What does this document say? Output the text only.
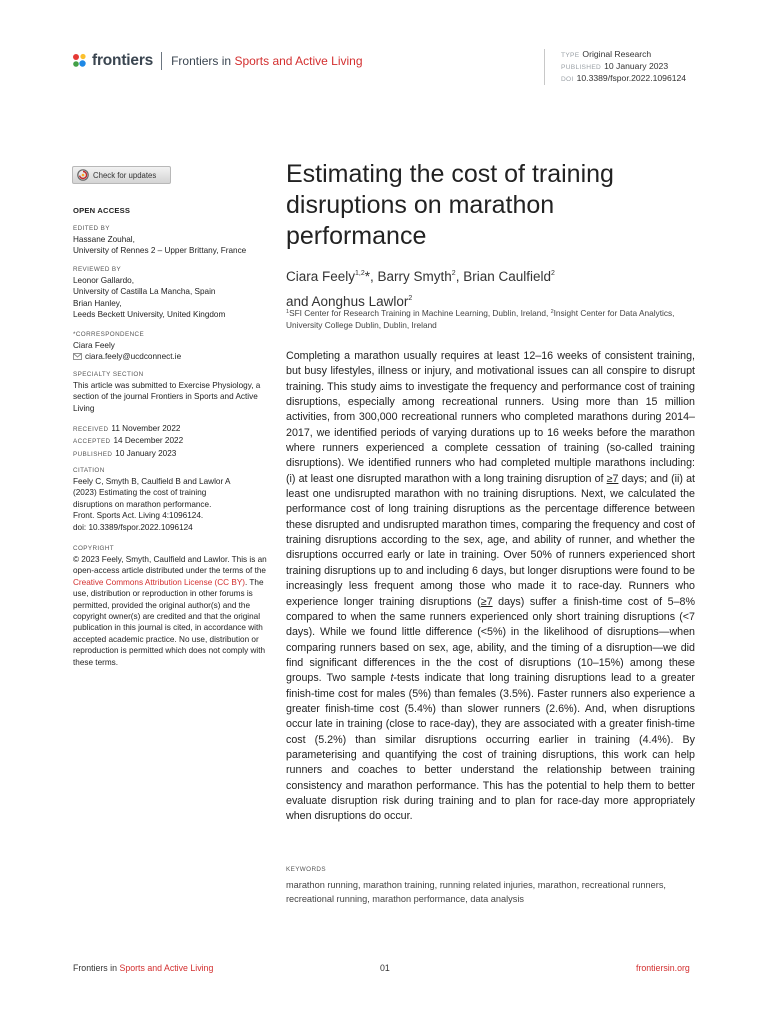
frontiers Frontiers in Sports and Active Living	TYPE Original Research
PUBLISHED 10 January 2023
DOI 10.3389/fspor.2022.1096124
Check for updates
OPEN ACCESS
EDITED BY

Hassane Zouhal,

University of Rennes 2 – Upper Brittany, France

REVIEWED BY

Leonor Gallardo,

University of Castilla La Mancha, Spain

Brian Hanley,

Leeds Beckett University, United Kingdom

*CORRESPONDENCE

Ciara Feely

ciara.feely@ucdconnect.ie

SPECIALTY SECTION

This article was submitted to Exercise Physiology, a section of the journal Frontiers in Sports and Active Living

RECEIVED 11 November 2022

ACCEPTED 14 December 2022

PUBLISHED 10 January 2023

CITATION

Feely C, Smyth B, Caulfield B and Lawlor A

(2023) Estimating the cost of training

disruptions on marathon performance.

Front. Sports Act. Living 4:1096124.

doi: 10.3389/fspor.2022.1096124

COPYRIGHT

© 2023 Feely, Smyth, Caulfield and Lawlor. This is an open-access article distributed under the terms of the Creative Commons Attribution License (CC BY). The use, distribution or reproduction in other forums is permitted, provided the original author(s) and the copyright owner(s) are credited and that the original publication in this journal is cited, in accordance with accepted academic practice. No use, distribution or reproduction is permitted which does not comply with these terms.

Estimating the cost of training disruptions on marathon performance
Ciara Feely$^{1,2}$*, Barry Smyth$^2$, Brian Caulfield$^2$
and Aonghus Lawlor$^2$
$^1$SFI Center for Research Training in Machine Learning, Dublin, Ireland, $^2$Insight Center for Data Analytics, University College Dublin, Dublin, Ireland

Completing a marathon usually requires at least 12–16 weeks of consistent training, but busy lifestyles, illness or injury, and motivational issues can all conspire to disrupt training. This study aims to investigate the frequency and performance cost of training disruptions, especially among recreational runners. Using more than 15 million activities, from 300,000 recreational runners who completed marathons during 2014–2017, we identified periods of varying durations up to 16 weeks before the marathon where runners experienced a complete cessation of training (so-called training disruptions). We identified runners who had completed multiple marathons including: (i) at least one disrupted marathon with a long training disruption of ≥7 days; and (ii) at least one undisrupted marathon with no training disruptions. Next, we calculated the performance cost of long training disruptions as the percentage difference between these disrupted and undisrupted marathon times, comparing the frequency and cost of training disruptions according to the sex, age, and ability of runner, and whether the disruptions occurred early or late in training. Over 50% of runners experienced short training disruptions up to and including 6 days, but longer disruptions were found to be increasingly less frequent among those who made it to race-day. Runners who experience longer training disruptions (≥7 days) suffer a finish-time cost of 5–8% compared to when the same runners experienced only short training disruptions (<7 days). While we found little difference (<5%) in the likelihood of disruptions—when comparing runners based on sex, age, ability, and the timing of a disruption—we did find significant differences in the the cost of disruptions (10–15%) among these groups. Two sample t-tests indicate that long training disruptions lead to a greater finish-time cost for males (5%) than females (3.5%). Faster runners also experience a greater finish-time cost (5.4%) than slower runners (2.6%). And, when disruptions occur late in training (close to race-day), they are associated with a greater finish-time cost (5.2%) than similar disruptions occurring earlier in training (4.4%). By parameterising and quantifying the cost of training disruptions, this work can help runners and coaches to better understand the relationship between training consistency and marathon performance. This has the potential to help them to better evaluate disruption risk during training and to plan for race-day more appropriately when disruptions do occur.

KEYWORDS
marathon running, marathon training, running related injuries, marathon, recreational runners, recreational running, marathon performance, data analysis
Frontiers in Sports and Active Living	01	frontiersin.org
